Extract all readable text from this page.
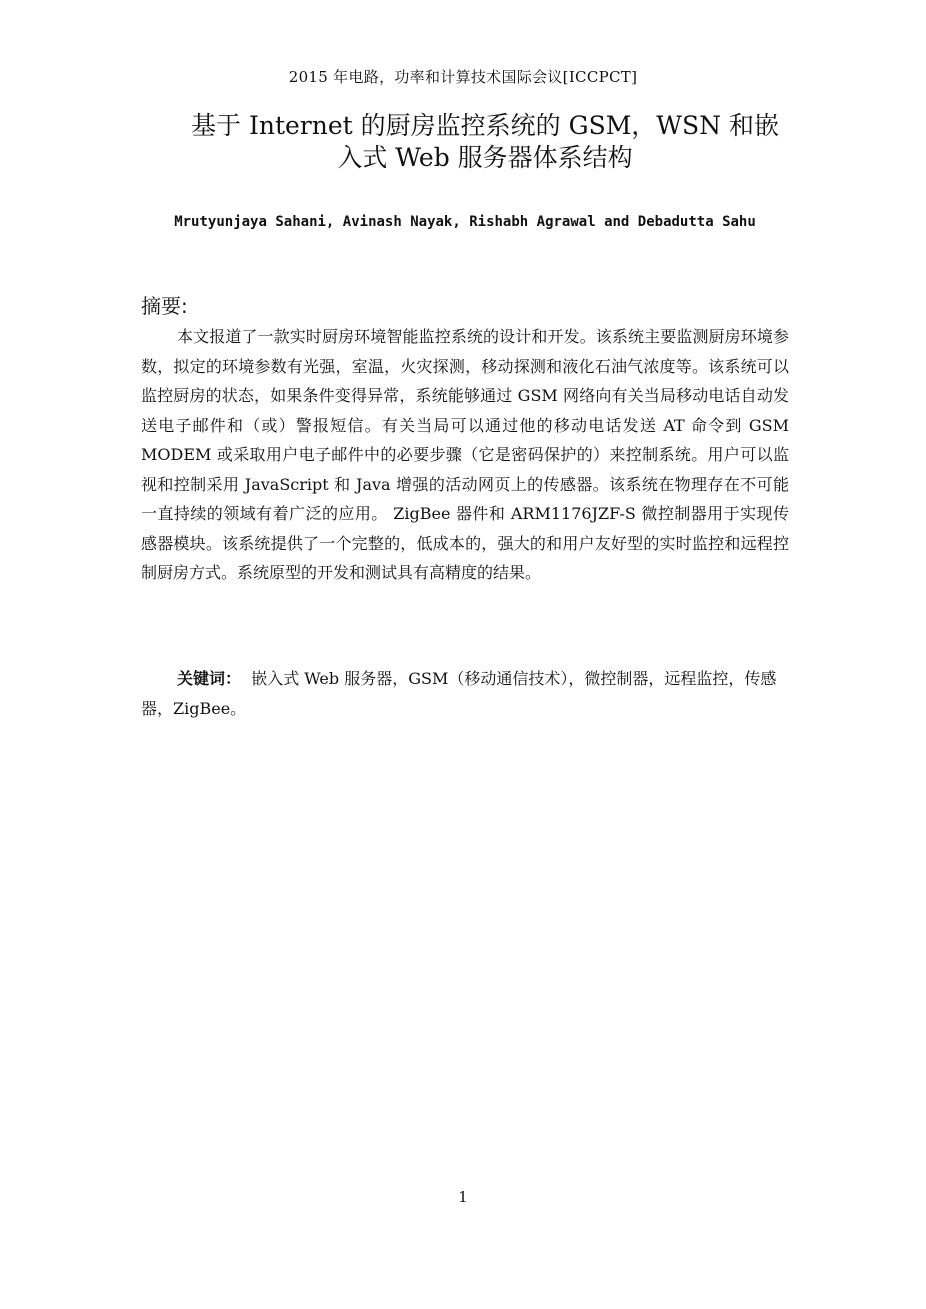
2015 年电路，功率和计算技术国际会议[ICCPCT]
基于 Internet 的厨房监控系统的 GSM，WSN 和嵌
入式 Web 服务器体系结构
Mrutyunjaya Sahani, Avinash Nayak, Rishabh Agrawal and Debadutta Sahu
摘要:

本文报道了一款实时厨房环境智能监控系统的设计和开发。该系统主要监测厨房环境参数，拟定的环境参数有光强，室温，火灾探测，移动探测和液化石油气浓度等。该系统可以监控厨房的状态，如果条件变得异常，系统能够通过 GSM 网络向有关当局移动电话自动发送电子邮件和（或）警报短信。有关当局可以通过他的移动电话发送 AT 命令到 GSM MODEM 或采取用户电子邮件中的必要步骤（它是密码保护的）来控制系统。用户可以监视和控制采用 JavaScript 和 Java 增强的活动网页上的传感器。该系统在物理存在不可能一直持续的领域有着广泛的应用。 ZigBee 器件和 ARM1176JZF-S 微控制器用于实现传感器模块。该系统提供了一个完整的，低成本的，强大的和用户友好型的实时监控和远程控制厨房方式。系统原型的开发和测试具有高精度的结果。

关键词： 嵌入式 Web 服务器，GSM（移动通信技术），微控制器，远程监控，传感器，ZigBee。

1
